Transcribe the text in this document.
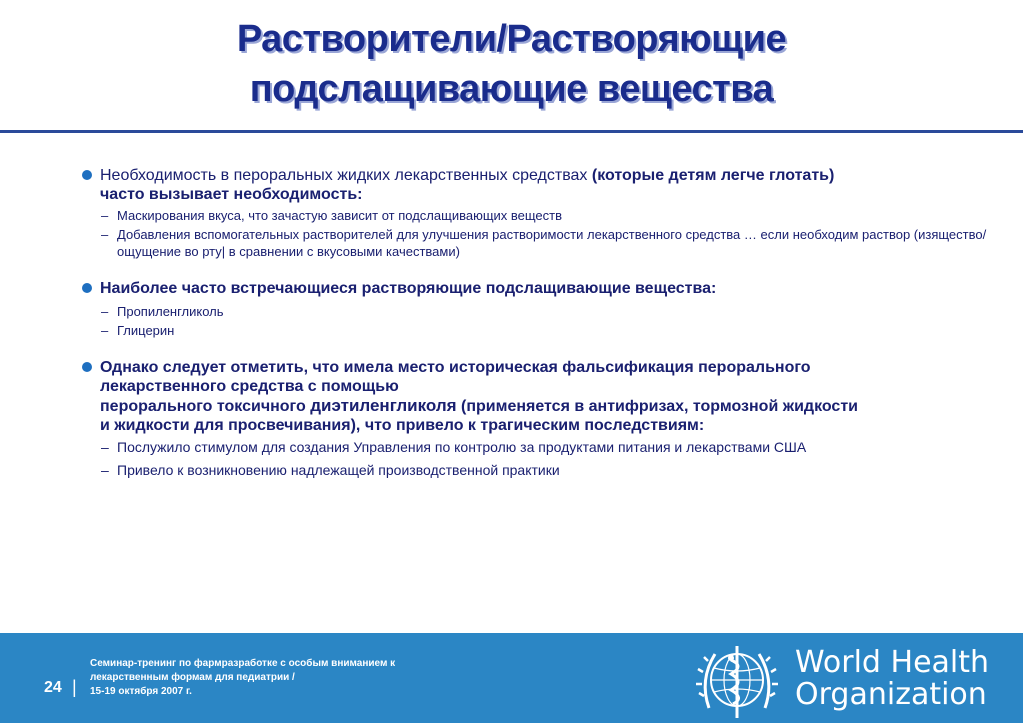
Растворители/Растворяющие
подслащивающие вещества
Необходимость в пероральных жидких лекарственных средствах (которые детям легче глотать)
часто вызывает необходимость:
– Маскирования вкуса, что зачастую зависит от подслащивающих веществ
– Добавления вспомогательных растворителей для улучшения растворимости лекарственного средства … если необходим раствор (изящество/ощущение во рту| в сравнении с вкусовыми качествами)
Наиболее часто встречающиеся растворяющие подслащивающие вещества:
– Пропиленгликоль
– Глицерин
Однако следует отметить, что имела место историческая фальсификация перорального
лекарственного средства с помощью
перорального токсичного диэтиленгликоля (применяется в антифризах, тормозной жидкости
и жидкости для просвечивания), что привело к трагическим последствиям:
– Послужило стимулом для создания Управления по контролю за продуктами питания и лекарствами США
– Привело к возникновению надлежащей производственной практики
24 |
Семинар-тренинг по фармразработке с особым вниманием к
лекарственным формам для педиатрии /
15-19 октября 2007 г.
World Health
Organization
